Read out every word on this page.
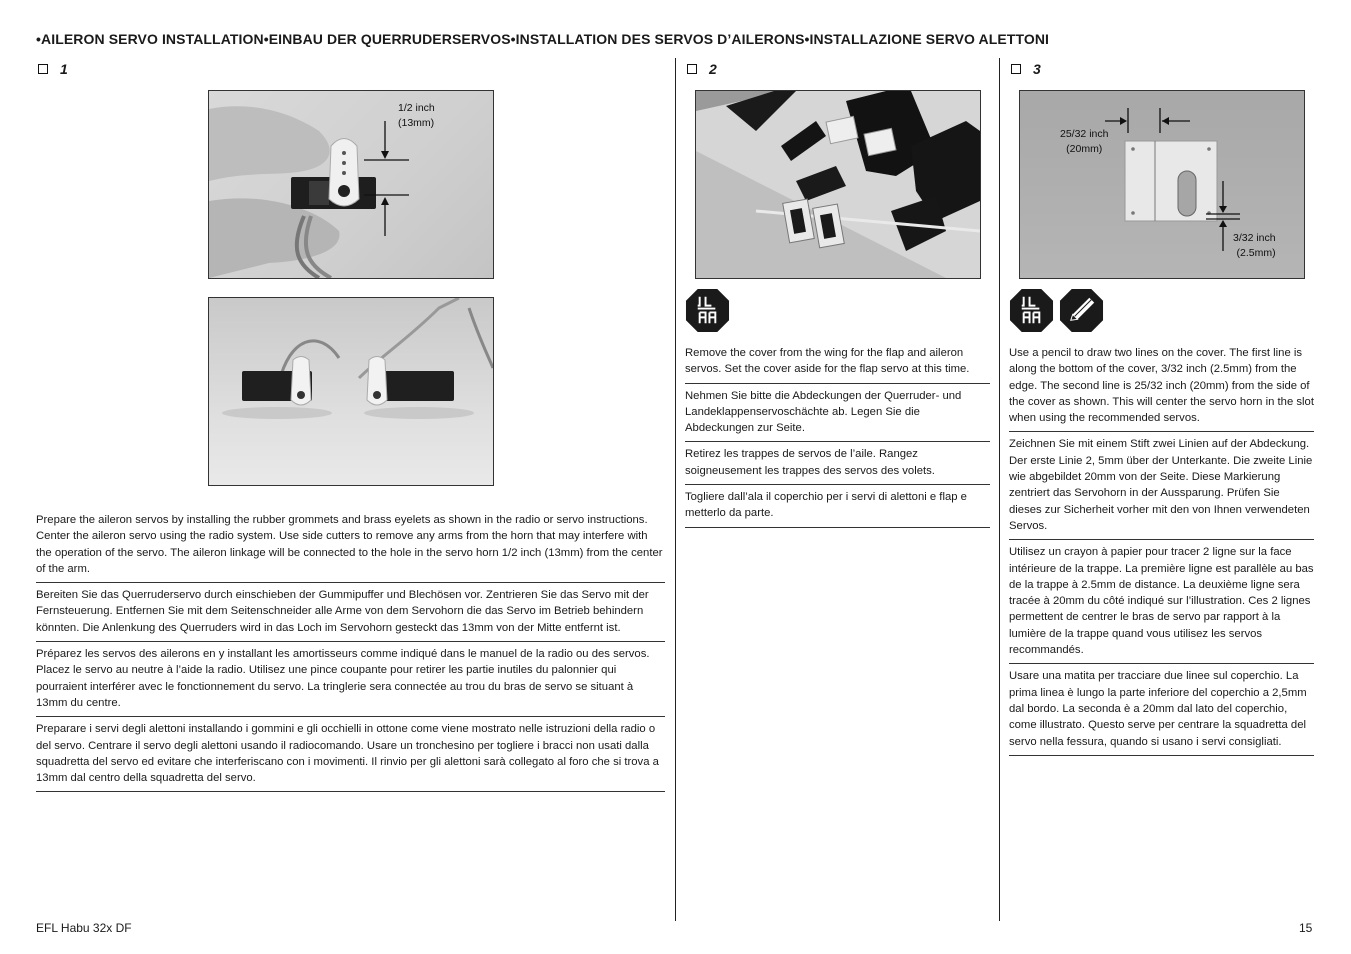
•AILERON SERVO INSTALLATION•EINBAU DER QUERRUDERSERVOS•INSTALLATION DES SERVOS D’AILERONS•INSTALLAZIONE SERVO ALETTONI
1
1/2 inch
(13mm)
Prepare the aileron servos by installing the rubber grommets and brass eyelets as shown in the radio or servo instructions. Center the aileron servo using the radio system. Use side cutters to remove any arms from the horn that may interfere with the operation of the servo. The aileron linkage will be connected to the hole in the servo horn 1/2 inch (13mm) from the center of the arm.
Bereiten Sie das Querruderservo durch einschieben der Gummipuffer und Blechösen vor. Zentrieren Sie das Servo mit der Fernsteuerung. Entfernen Sie mit dem Seitenschneider alle Arme von dem Servohorn die das Servo im Betrieb behindern könnten. Die Anlenkung des Querruders wird in das Loch im Servohorn gesteckt das 13mm von der Mitte entfernt ist.
Préparez les servos des ailerons en y installant les amortisseurs comme indiqué dans le manuel de la radio ou des servos. Placez le servo au neutre à l’aide la radio. Utilisez une pince coupante pour retirer les partie inutiles du palonnier qui pourraient interférer avec le fonctionnement du servo. La tringlerie sera connectée au trou du bras de servo se situant à 13mm du centre.
Preparare i servi degli alettoni installando i gommini e gli occhielli in ottone come viene mostrato nelle istruzioni della radio o del servo. Centrare il servo degli alettoni usando il radiocomando. Usare un tronchesino per togliere i bracci non usati dalla squadretta del servo ed evitare che interferiscano con i movimenti. Il rinvio per gli alettoni sarà collegato al foro che si trova a 13mm dal centro della squadretta del servo.
2
Remove the cover from the wing for the flap and aileron servos. Set the cover aside for the flap servo at this time.
Nehmen Sie bitte die Abdeckungen der Querruder- und Landeklappenservoschächte ab. Legen Sie die Abdeckungen zur Seite.
Retirez les trappes de servos de l’aile. Rangez soigneusement les trappes des servos des volets.
Togliere dall’ala il coperchio per i servi di alettoni e flap e metterlo da parte.
3
25/32 inch
(20mm)
3/32 inch
(2.5mm)
Use a pencil to draw two lines on the cover. The first line is along the bottom of the cover, 3/32 inch (2.5mm) from the edge. The second line is 25/32 inch (20mm) from the side of the cover as shown. This will center the servo horn in the slot when using the recommended servos.
Zeichnen Sie mit einem Stift zwei Linien auf der Abdeckung. Der erste Linie 2, 5mm über der Unterkante. Die zweite Linie wie abgebildet 20mm von der Seite. Diese Markierung zentriert das Servohorn in der Aussparung. Prüfen Sie dieses zur Sicherheit vorher mit den von Ihnen verwendeten Servos.
Utilisez un crayon à papier pour tracer 2 ligne sur la face intérieure de la trappe. La première ligne est parallèle au bas de la trappe à 2.5mm de distance. La deuxième ligne sera tracée à 20mm du côté indiqué sur l’illustration. Ces 2 lignes permettent de centrer le bras de servo par rapport à la lumière de la trappe quand vous utilisez les servos recommandés.
Usare una matita per tracciare due linee sul coperchio. La prima linea è lungo la parte inferiore del coperchio a 2,5mm dal bordo. La seconda è a 20mm dal lato del coperchio, come illustrato. Questo serve per centrare la squadretta del servo nella fessura, quando si usano i servi consigliati.
EFL Habu 32x DF	15
